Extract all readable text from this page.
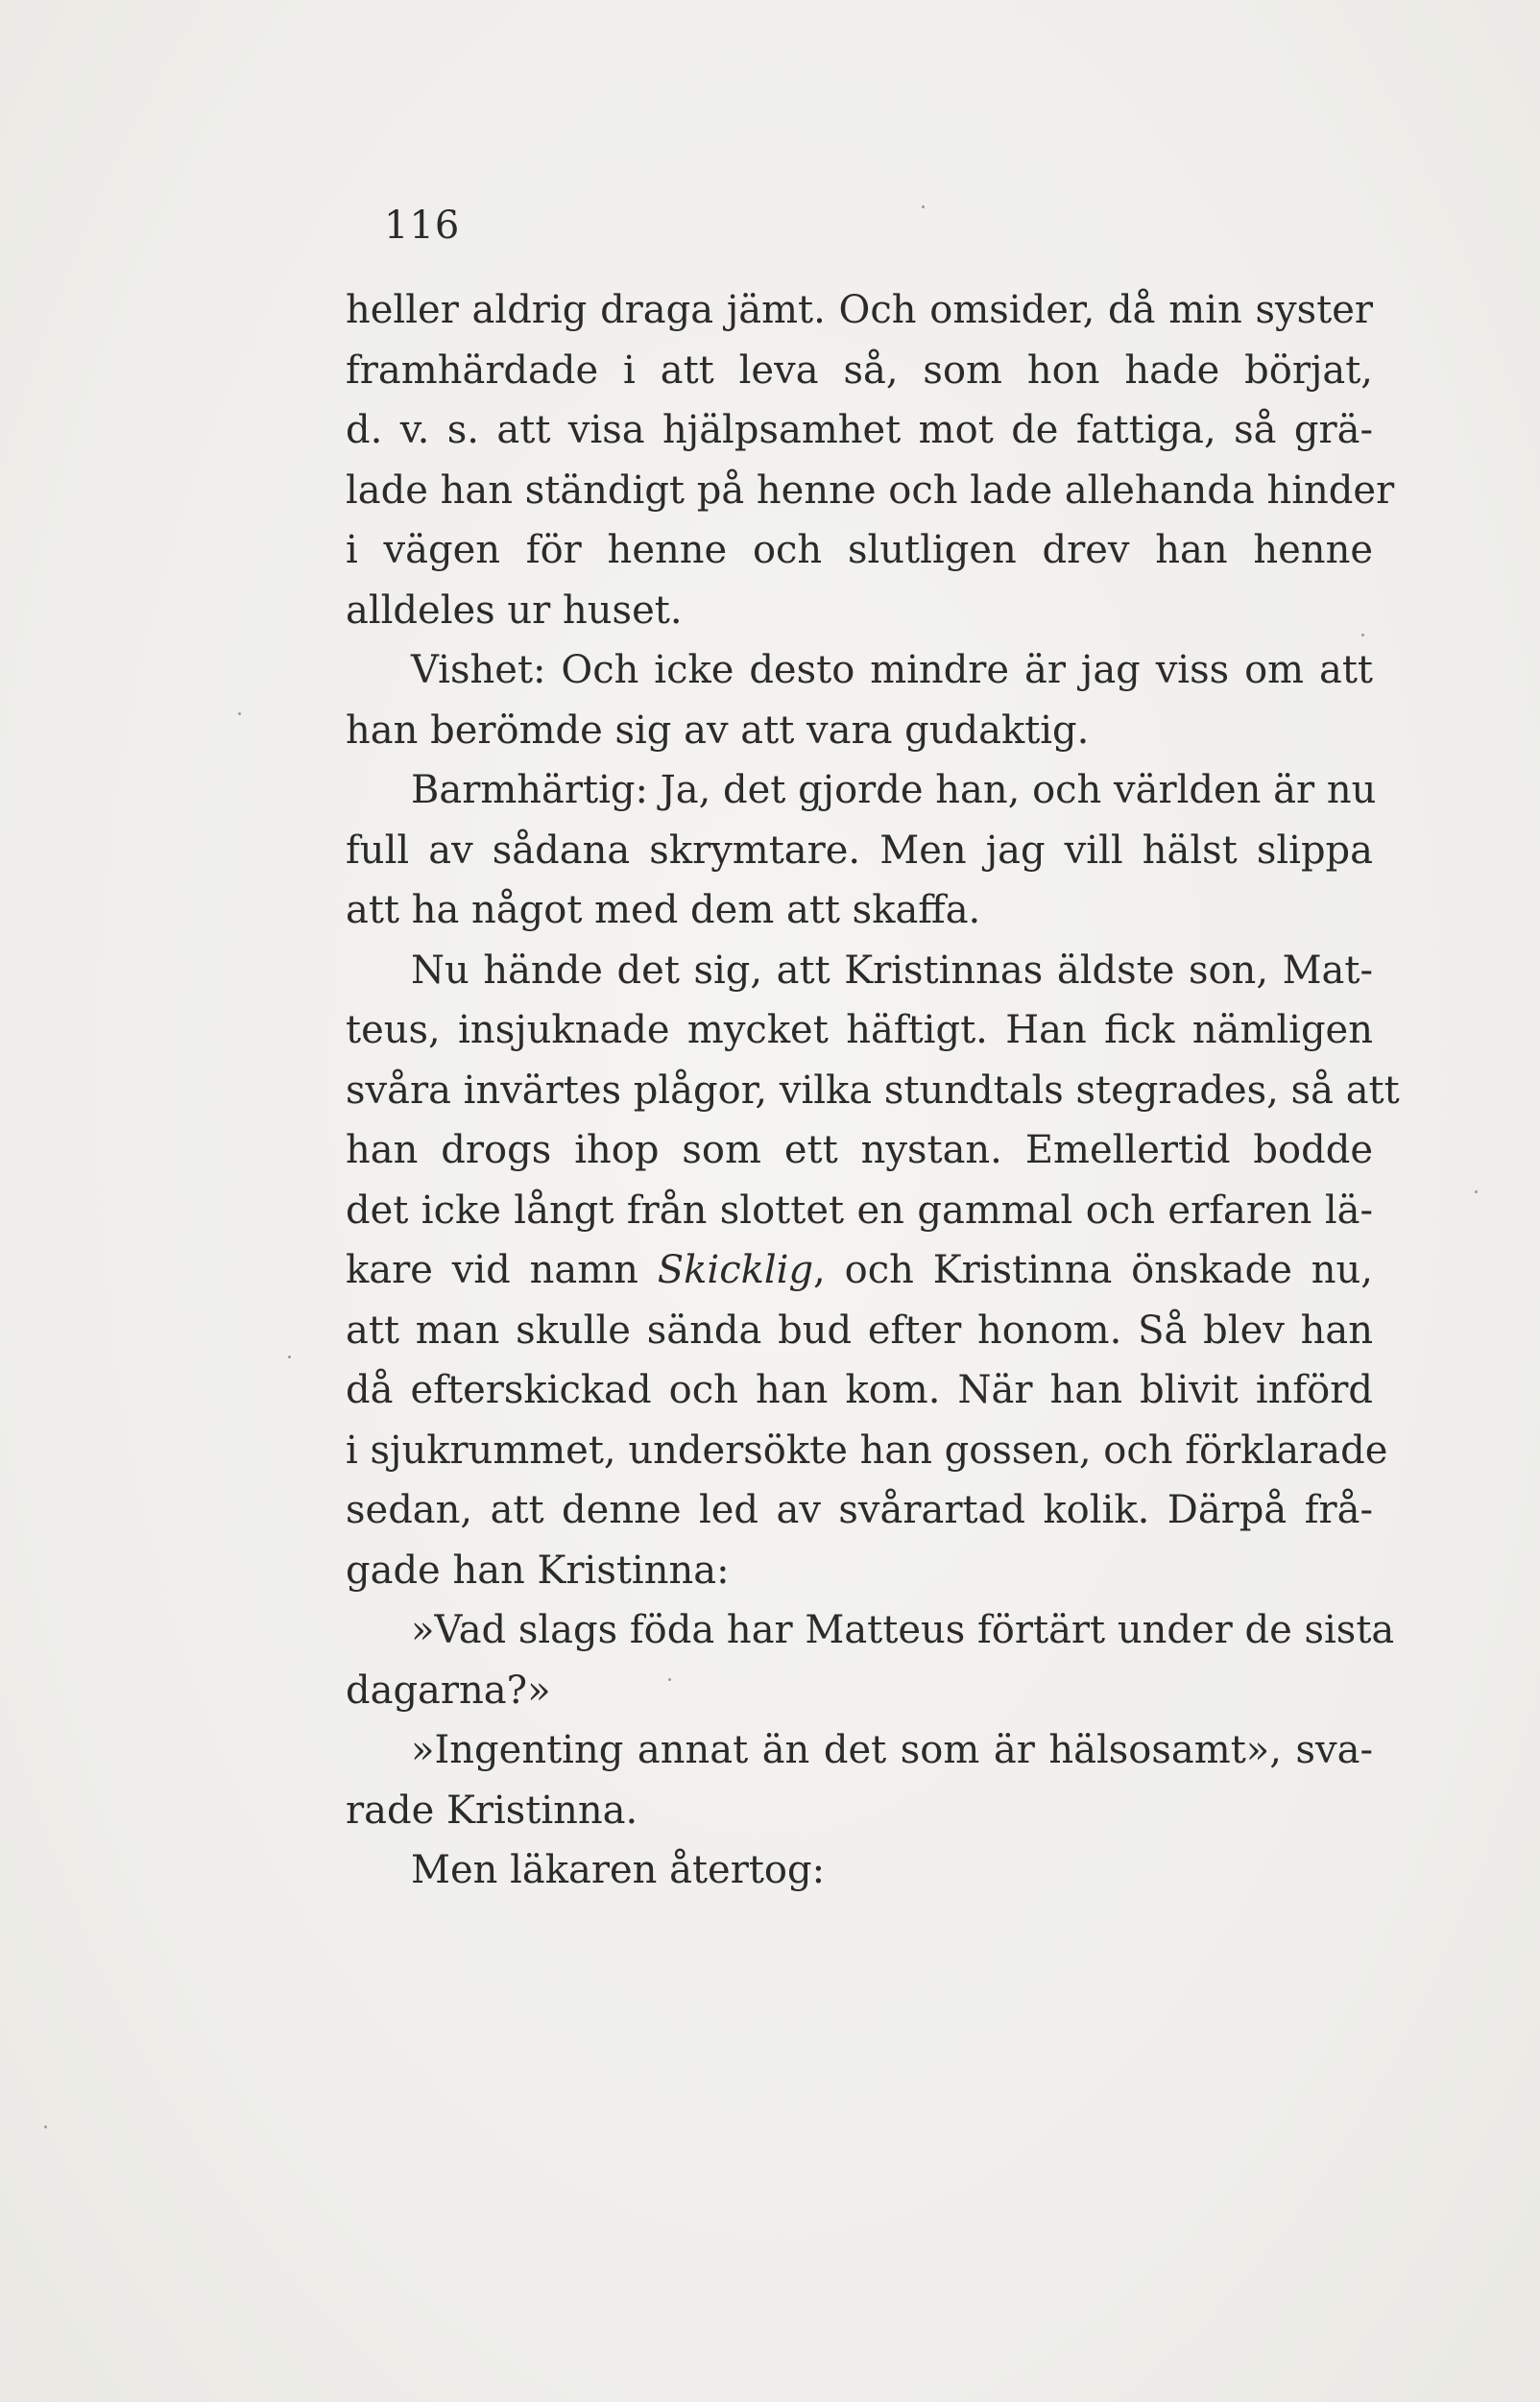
116
heller aldrig draga jämt. Och omsider, då min syster
framhärdade i att leva så, som hon hade börjat,
d. v. s. att visa hjälpsamhet mot de fattiga, så grä-
lade han ständigt på henne och lade allehanda hinder
i vägen för henne och slutligen drev han henne
alldeles ur huset.
Vishet: Och icke desto mindre är jag viss om att
han berömde sig av att vara gudaktig.
Barmhärtig: Ja, det gjorde han, och världen är nu
full av sådana skrymtare. Men jag vill hälst slippa
att ha något med dem att skaffa.
Nu hände det sig, att Kristinnas äldste son, Mat-
teus, insjuknade mycket häftigt. Han fick nämligen
svåra invärtes plågor, vilka stundtals stegrades, så att
han drogs ihop som ett nystan. Emellertid bodde
det icke långt från slottet en gammal och erfaren lä-
kare vid namn Skicklig, och Kristinna önskade nu,
att man skulle sända bud efter honom. Så blev han
då efterskickad och han kom. När han blivit införd
i sjukrummet, undersökte han gossen, och förklarade
sedan, att denne led av svårartad kolik. Därpå frå-
gade han Kristinna:
»Vad slags föda har Matteus förtärt under de sista
dagarna?»
»Ingenting annat än det som är hälsosamt», sva-
rade Kristinna.
Men läkaren återtog:
